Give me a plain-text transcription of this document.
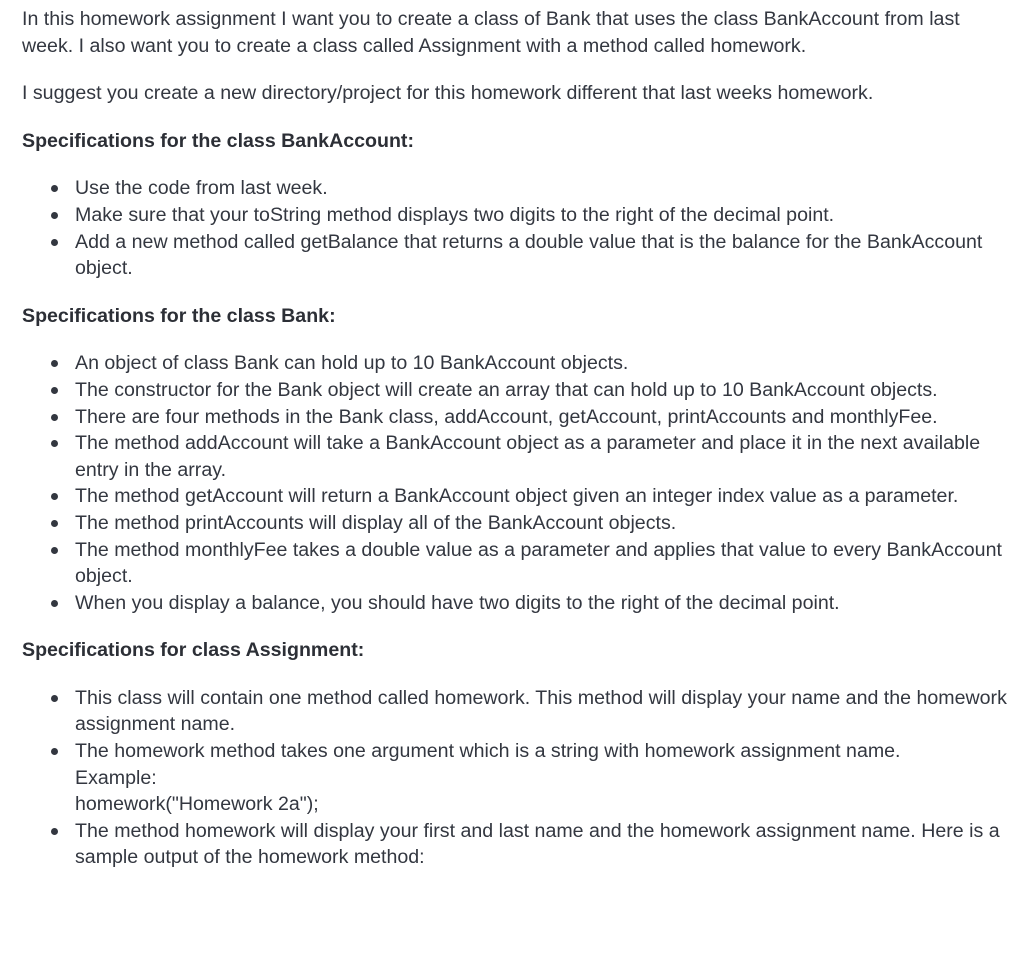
In this homework assignment I want you to create a class of Bank that uses the class BankAccount from last week. I also want you to create a class called Assignment with a method called homework.

I suggest you create a new directory/project for this homework different that last weeks homework.

Specifications for the class BankAccount:
Use the code from last week.
Make sure that your toString method displays two digits to the right of the decimal point.
Add a new method called getBalance that returns a double value that is the balance for the BankAccount object.
Specifications for the class Bank:
An object of class Bank can hold up to 10 BankAccount objects.
The constructor for the Bank object will create an array that can hold up to 10 BankAccount objects.
There are four methods in the Bank class, addAccount, getAccount, printAccounts and monthlyFee.
The method addAccount will take a BankAccount object as a parameter and place it in the next available entry in the array.
The method getAccount will return a BankAccount object given an integer index value as a parameter.
The method printAccounts will display all of the BankAccount objects.
The method monthlyFee takes a double value as a parameter and applies that value to every BankAccount object.
When you display a balance, you should have two digits to the right of the decimal point.
Specifications for class Assignment:
This class will contain one method called homework. This method will display your name and the homework assignment name.
The homework method takes one argument which is a string with homework assignment name.
Example:
homework("Homework 2a");
The method homework will display your first and last name and the homework assignment name. Here is a sample output of the homework method:
